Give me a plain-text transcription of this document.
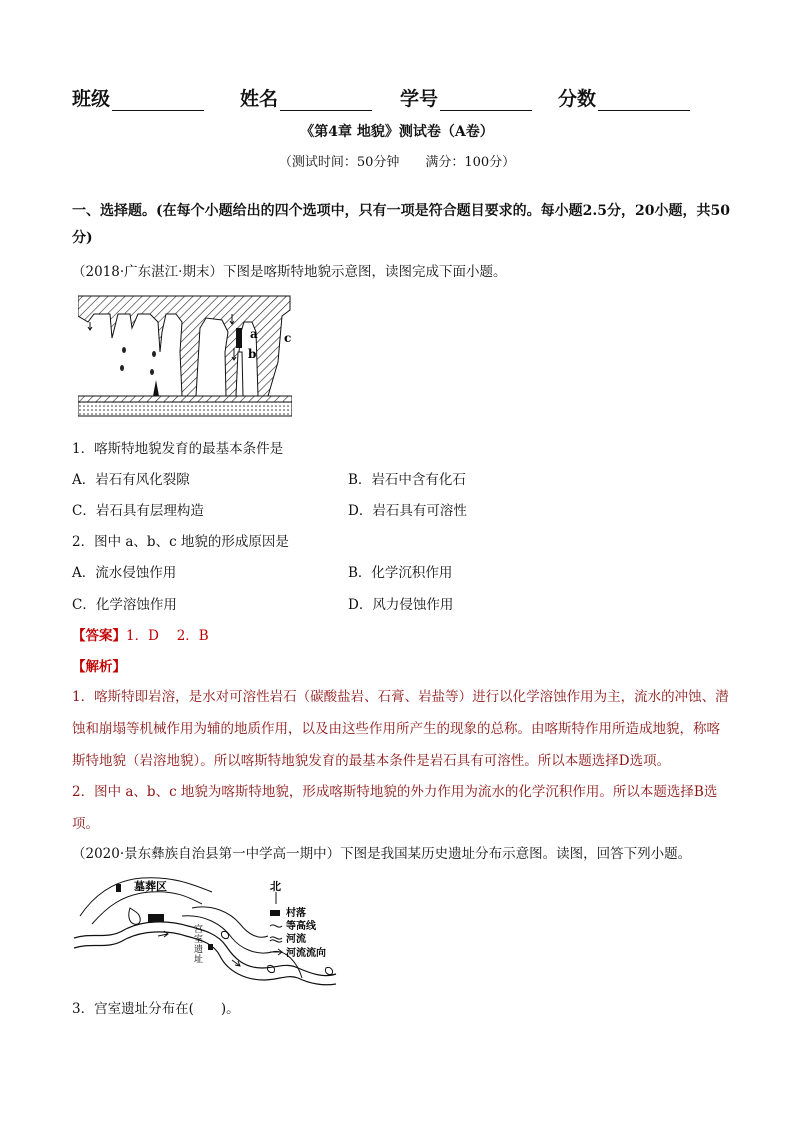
班级	姓名	学号	分数
《第4章 地貌》测试卷（A卷）
（测试时间：50分钟　　满分：100分）
一、选择题。(在每个小题给出的四个选项中，只有一项是符合题目要求的。每小题2.5分，20小题，共50分)
（2018·广东湛江·期末）下图是喀斯特地貌示意图，读图完成下面小题。
a
b
c
1．喀斯特地貌发育的最基本条件是
A．岩石有风化裂隙	B．岩石中含有化石
C．岩石具有层理构造	D．岩石具有可溶性
2．图中 a、b、c 地貌的形成原因是
A．流水侵蚀作用	B．化学沉积作用
C．化学溶蚀作用	D．风力侵蚀作用
【答案】1．D　 2．B
【解析】
1．喀斯特即岩溶，是水对可溶性岩石（碳酸盐岩、石膏、岩盐等）进行以化学溶蚀作用为主，流水的冲蚀、潜蚀和崩塌等机械作用为辅的地质作用，以及由这些作用所产生的现象的总称。由喀斯特作用所造成地貌，称喀斯特地貌（岩溶地貌）。所以喀斯特地貌发育的最基本条件是岩石具有可溶性。所以本题选择D选项。
2．图中 a、b、c 地貌为喀斯特地貌，形成喀斯特地貌的外力作用为流水的化学沉积作用。所以本题选择B选项。
（2020·景东彝族自治县第一中学高一期中）下图是我国某历史遗址分布示意图。读图，回答下列小题。
墓葬区
宫
室
遗
址
北
村落
等高线
河流
河流流向
3．宫室遗址分布在(　　)。
